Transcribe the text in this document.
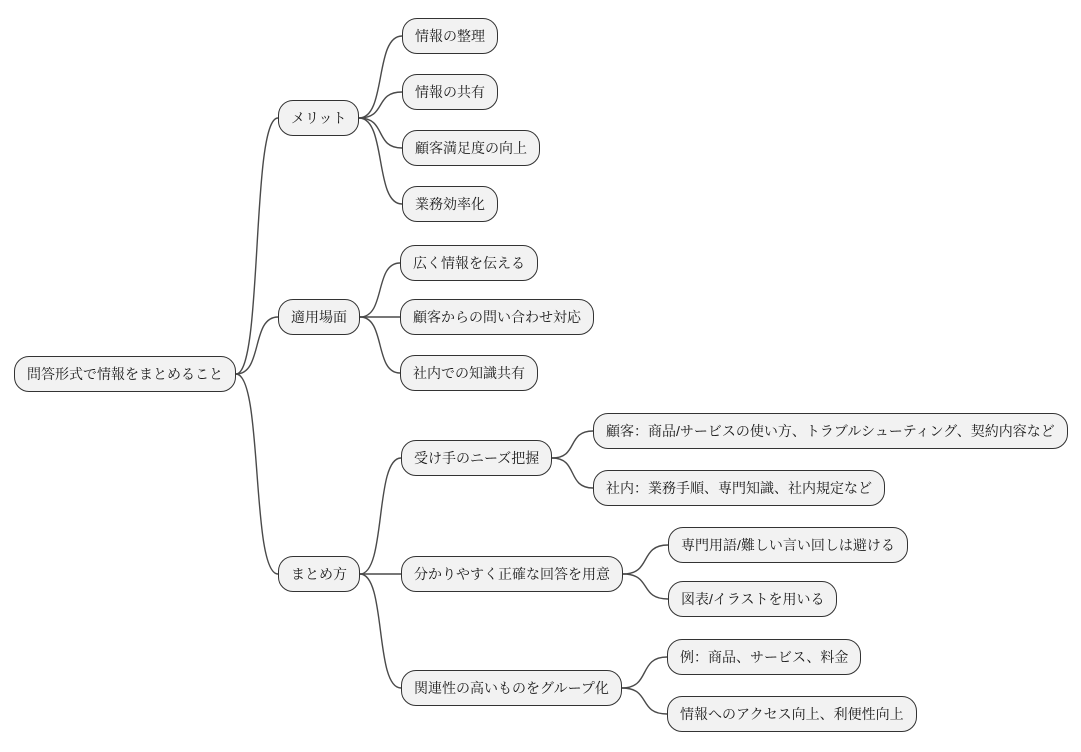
問答形式で情報をまとめること
メリット
情報の整理
情報の共有
顧客満足度の向上
業務効率化
適用場面
広く情報を伝える
顧客からの問い合わせ対応
社内での知識共有
まとめ方
受け手のニーズ把握
顧客：商品/サービスの使い方、トラブルシューティング、契約内容など
社内：業務手順、専門知識、社内規定など
分かりやすく正確な回答を用意
専門用語/難しい言い回しは避ける
図表/イラストを用いる
関連性の高いものをグループ化
例：商品、サービス、料金
情報へのアクセス向上、利便性向上
